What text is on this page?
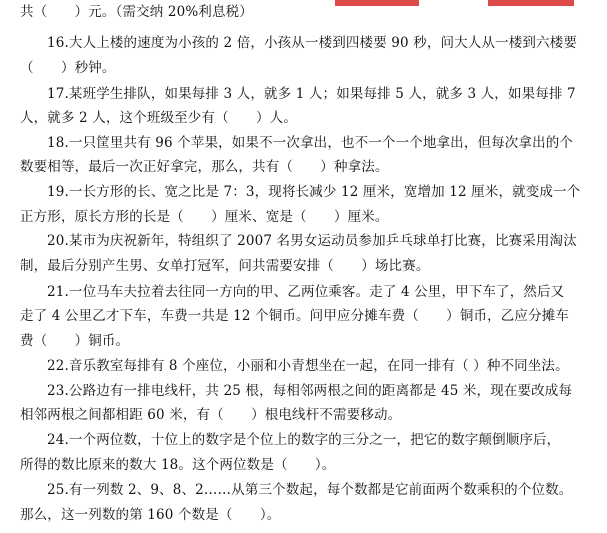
共（　　）元。（需交纳 20%利息税）
16.大人上楼的速度为小孩的 2 倍，小孩从一楼到四楼要 90 秒，问大人从一楼到六楼要
（　　）秒钟。
17.某班学生排队，如果每排 3 人，就多 1 人；如果每排 5 人，就多 3 人，如果每排 7
人，就多 2 人，这个班级至少有（　　）人。
18.一只筐里共有 96 个苹果，如果不一次拿出，也不一个一个地拿出，但每次拿出的个
数要相等，最后一次正好拿完，那么，共有（　　）种拿法。
19.一长方形的长、宽之比是 7：3，现将长减少 12 厘米，宽增加 12 厘米，就变成一个
正方形，原长方形的长是（　　）厘米、宽是（　　）厘米。
20.某市为庆祝新年，特组织了 2007 名男女运动员参加乒乓球单打比赛，比赛采用淘汰
制，最后分别产生男、女单打冠军，问共需要安排（　　）场比赛。
21.一位马车夫拉着去往同一方向的甲、乙两位乘客。走了 4 公里，甲下车了，然后又
走了 4 公里乙才下车，车费一共是 12 个铜币。问甲应分摊车费（　　）铜币，乙应分摊车
费（　　）铜币。
22.音乐教室每排有 8 个座位，小丽和小青想坐在一起，在同一排有（ ）种不同坐法。
23.公路边有一排电线杆，共 25 根，每相邻两根之间的距离都是 45 米，现在要改成每
相邻两根之间都相距 60 米，有（　　）根电线杆不需要移动。
24.一个两位数，十位上的数字是个位上的数字的三分之一，把它的数字颠倒顺序后，
所得的数比原来的数大 18。这个两位数是（　　）。
25.有一列数 2、9、8、2……从第三个数起，每个数都是它前面两个数乘积的个位数。
那么，这一列数的第 160 个数是（　　）。
